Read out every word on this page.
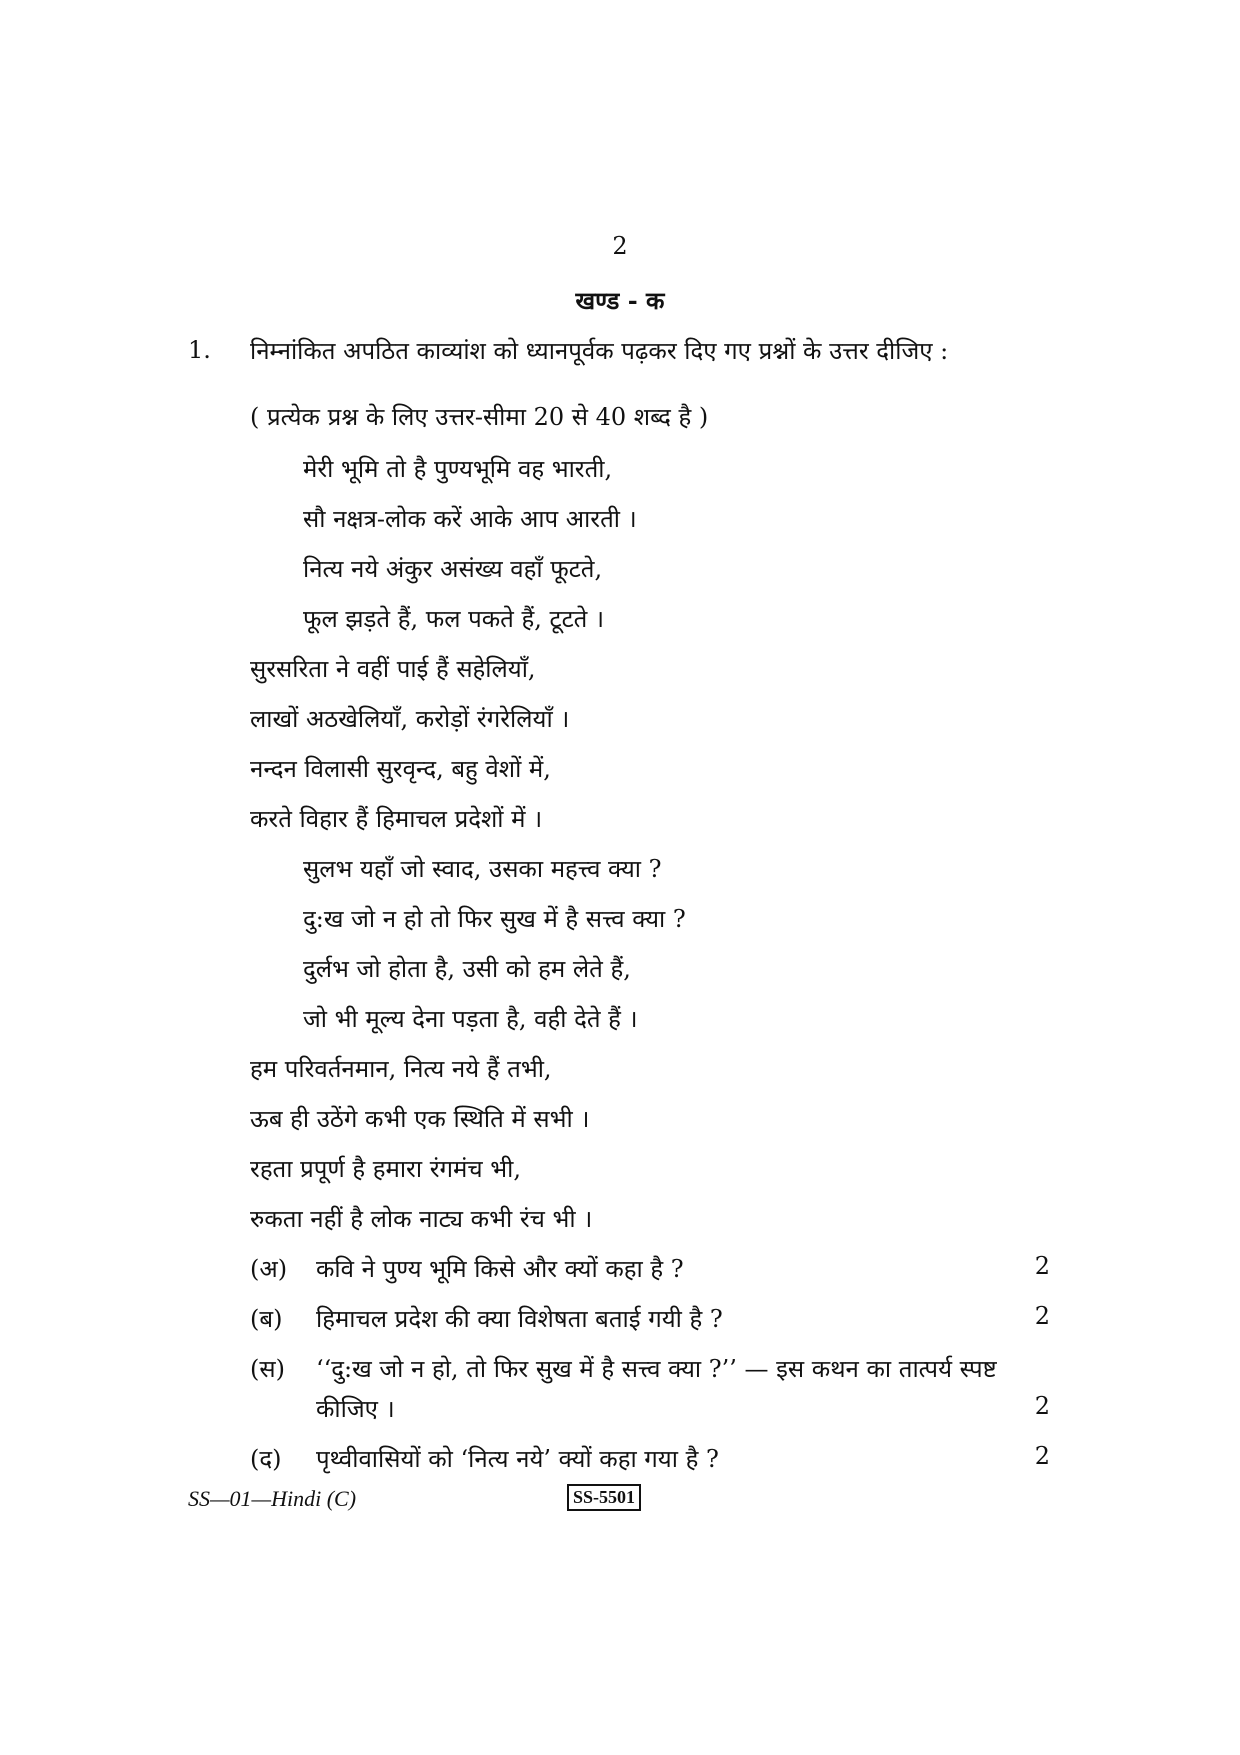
2
खण्ड - क
1. निम्नांकित अपठित काव्यांश को ध्यानपूर्वक पढ़कर दिए गए प्रश्नों के उत्तर दीजिए :
( प्रत्येक प्रश्न के लिए उत्तर-सीमा 20 से 40 शब्द है )
मेरी भूमि तो है पुण्यभूमि वह भारती,
सौ नक्षत्र-लोक करें आके आप आरती ।
नित्य नये अंकुर असंख्य वहाँ फूटते,
फूल झड़ते हैं, फल पकते हैं, टूटते ।
सुरसरिता ने वहीं पाई हैं सहेलियाँ,
लाखों अठखेलियाँ, करोड़ों रंगरेलियाँ ।
नन्दन विलासी सुरवृन्द, बहु वेशों में,
करते विहार हैं हिमाचल प्रदेशों में ।
सुलभ यहाँ जो स्वाद, उसका महत्त्व क्या ?
दु:ख जो न हो तो फिर सुख में है सत्त्व क्या ?
दुर्लभ जो होता है, उसी को हम लेते हैं,
जो भी मूल्य देना पड़ता है, वही देते हैं ।
हम परिवर्तनमान, नित्य नये हैं तभी,
ऊब ही उठेंगे कभी एक स्थिति में सभी ।
रहता प्रपूर्ण है हमारा रंगमंच भी,
रुकता नहीं है लोक नाट्य कभी रंच भी ।
(अ) कवि ने पुण्य भूमि किसे और क्यों कहा है ?	2
(ब) हिमाचल प्रदेश की क्या विशेषता बताई गयी है ?	2
(स) ‘‘दु:ख जो न हो, तो फिर सुख में है सत्त्व क्या ?’’ — इस कथन का तात्पर्य स्पष्ट
कीजिए ।	2
(द) पृथ्वीवासियों को ‘नित्य नये’ क्यों कहा गया है ?	2
SS—01—Hindi (C)	SS-5501
